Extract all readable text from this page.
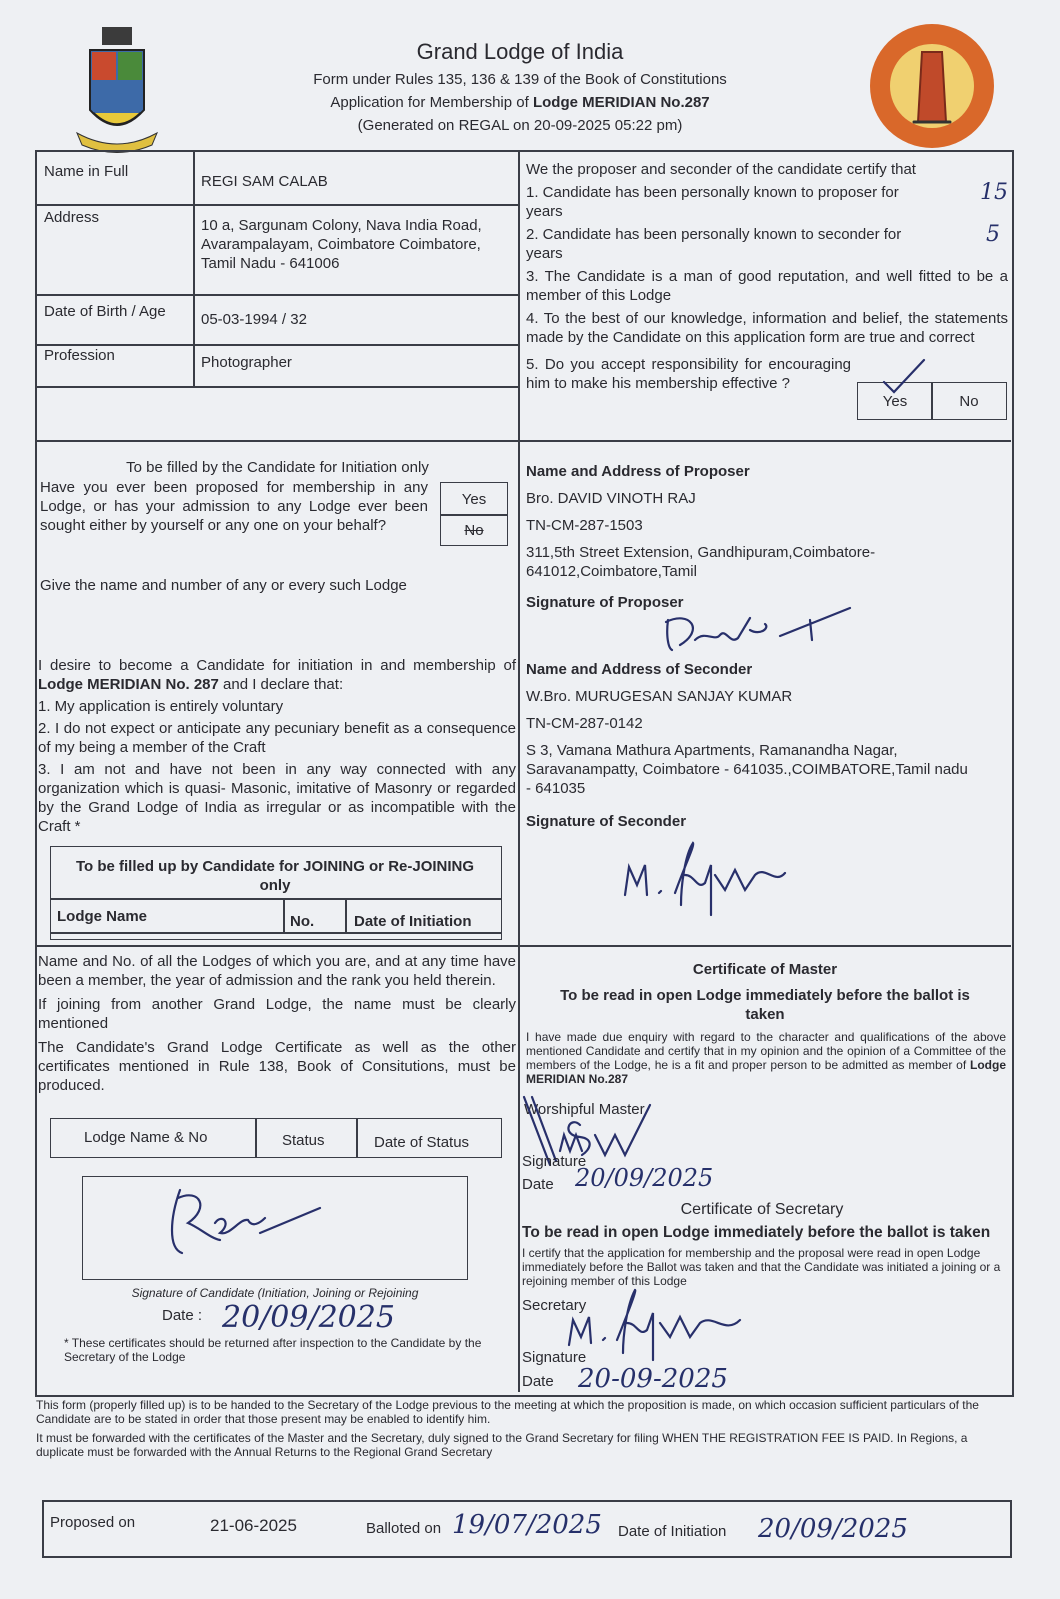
Grand Lodge of India
Form under Rules 135, 136 & 139 of the Book of Constitutions
Application for Membership of Lodge MERIDIAN No.287
(Generated on REGAL on 20-09-2025 05:22 pm)
Name in Full
REGI SAM CALAB
Address	10 a, Sargunam Colony, Nava India Road, Avarampalayam, Coimbatore Coimbatore, Tamil Nadu - 641006
Date of Birth / Age 05-03-1994 / 32
Profession	Photographer
We the proposer and seconder of the candidate certify that
1. Candidate has been personally known to proposer for	15
years
2. Candidate has been personally known to seconder for	5
years
3. The Candidate is a man of good reputation, and well fitted to be a member of this Lodge
4. To the best of our knowledge, information and belief, the statements made by the Candidate on this application form are true and correct
5. Do you accept responsibility for encouraging him to make his membership effective ?
Yes	No
To be filled by the Candidate for Initiation only
Have you ever been proposed for membership in any Lodge, or has your admission to any Lodge ever been sought either by yourself or any one on your behalf?
Yes
No
Give the name and number of any or every such Lodge
I desire to become a Candidate for initiation in and membership of Lodge MERIDIAN No. 287 and I declare that:
1. My application is entirely voluntary
2. I do not expect or anticipate any pecuniary benefit as a consequence of my being a member of the Craft
3. I am not and have not been in any way connected with any organization which is quasi- Masonic, imitative of Masonry or regarded by the Grand Lodge of India as irregular or as incompatible with the Craft *
To be filled up by Candidate for JOINING or Re-JOINING only
Lodge Name	No.	Date of Initiation
Name and No. of all the Lodges of which you are, and at any time have been a member, the year of admission and the rank you held therein.
If joining from another Grand Lodge, the name must be clearly mentioned
The Candidate's Grand Lodge Certificate as well as the other certificates mentioned in Rule 138, Book of Consitutions, must be produced.
Lodge Name & No	Status	Date of Status
Signature of Candidate (Initiation, Joining or Rejoining
Date : 20/09/2025
* These certificates should be returned after inspection to the Candidate by the Secretary of the Lodge
Name and Address of Proposer
Bro. DAVID VINOTH RAJ
TN-CM-287-1503
311,5th Street Extension, Gandhipuram,Coimbatore-641012,Coimbatore,Tamil
Signature of Proposer
Name and Address of Seconder
W.Bro. MURUGESAN SANJAY KUMAR
TN-CM-287-0142
S 3, Vamana Mathura Apartments, Ramanandha Nagar, Saravanampatty, Coimbatore - 641035.,COIMBATORE,Tamil nadu - 641035
Signature of Seconder
Certificate of Master
To be read in open Lodge immediately before the ballot is taken
I have made due enquiry with regard to the character and qualifications of the above mentioned Candidate and certify that in my opinion and the opinion of a Committee of the members of the Lodge, he is a fit and proper person to be admitted as member of Lodge MERIDIAN No.287
Worshipful Master
Signature
Date 20/09/2025
Certificate of Secretary
To be read in open Lodge immediately before the ballot is taken
I certify that the application for membership and the proposal were read in open Lodge immediately before the Ballot was taken and that the Candidate was initiated a joining or a rejoining member of this Lodge
Secretary
Signature
Date 20-09-2025
This form (properly filled up) is to be handed to the Secretary of the Lodge previous to the meeting at which the proposition is made, on which occasion sufficient particulars of the Candidate are to be stated in order that those present may be enabled to identify him.
It must be forwarded with the certificates of the Master and the Secretary, duly signed to the Grand Secretary for filing WHEN THE REGISTRATION FEE IS PAID. In Regions, a duplicate must be forwarded with the Annual Returns to the Regional Grand Secretary
Proposed on	21-06-2025	Balloted on 19/07/2025 Date of Initiation 20/09/2025
